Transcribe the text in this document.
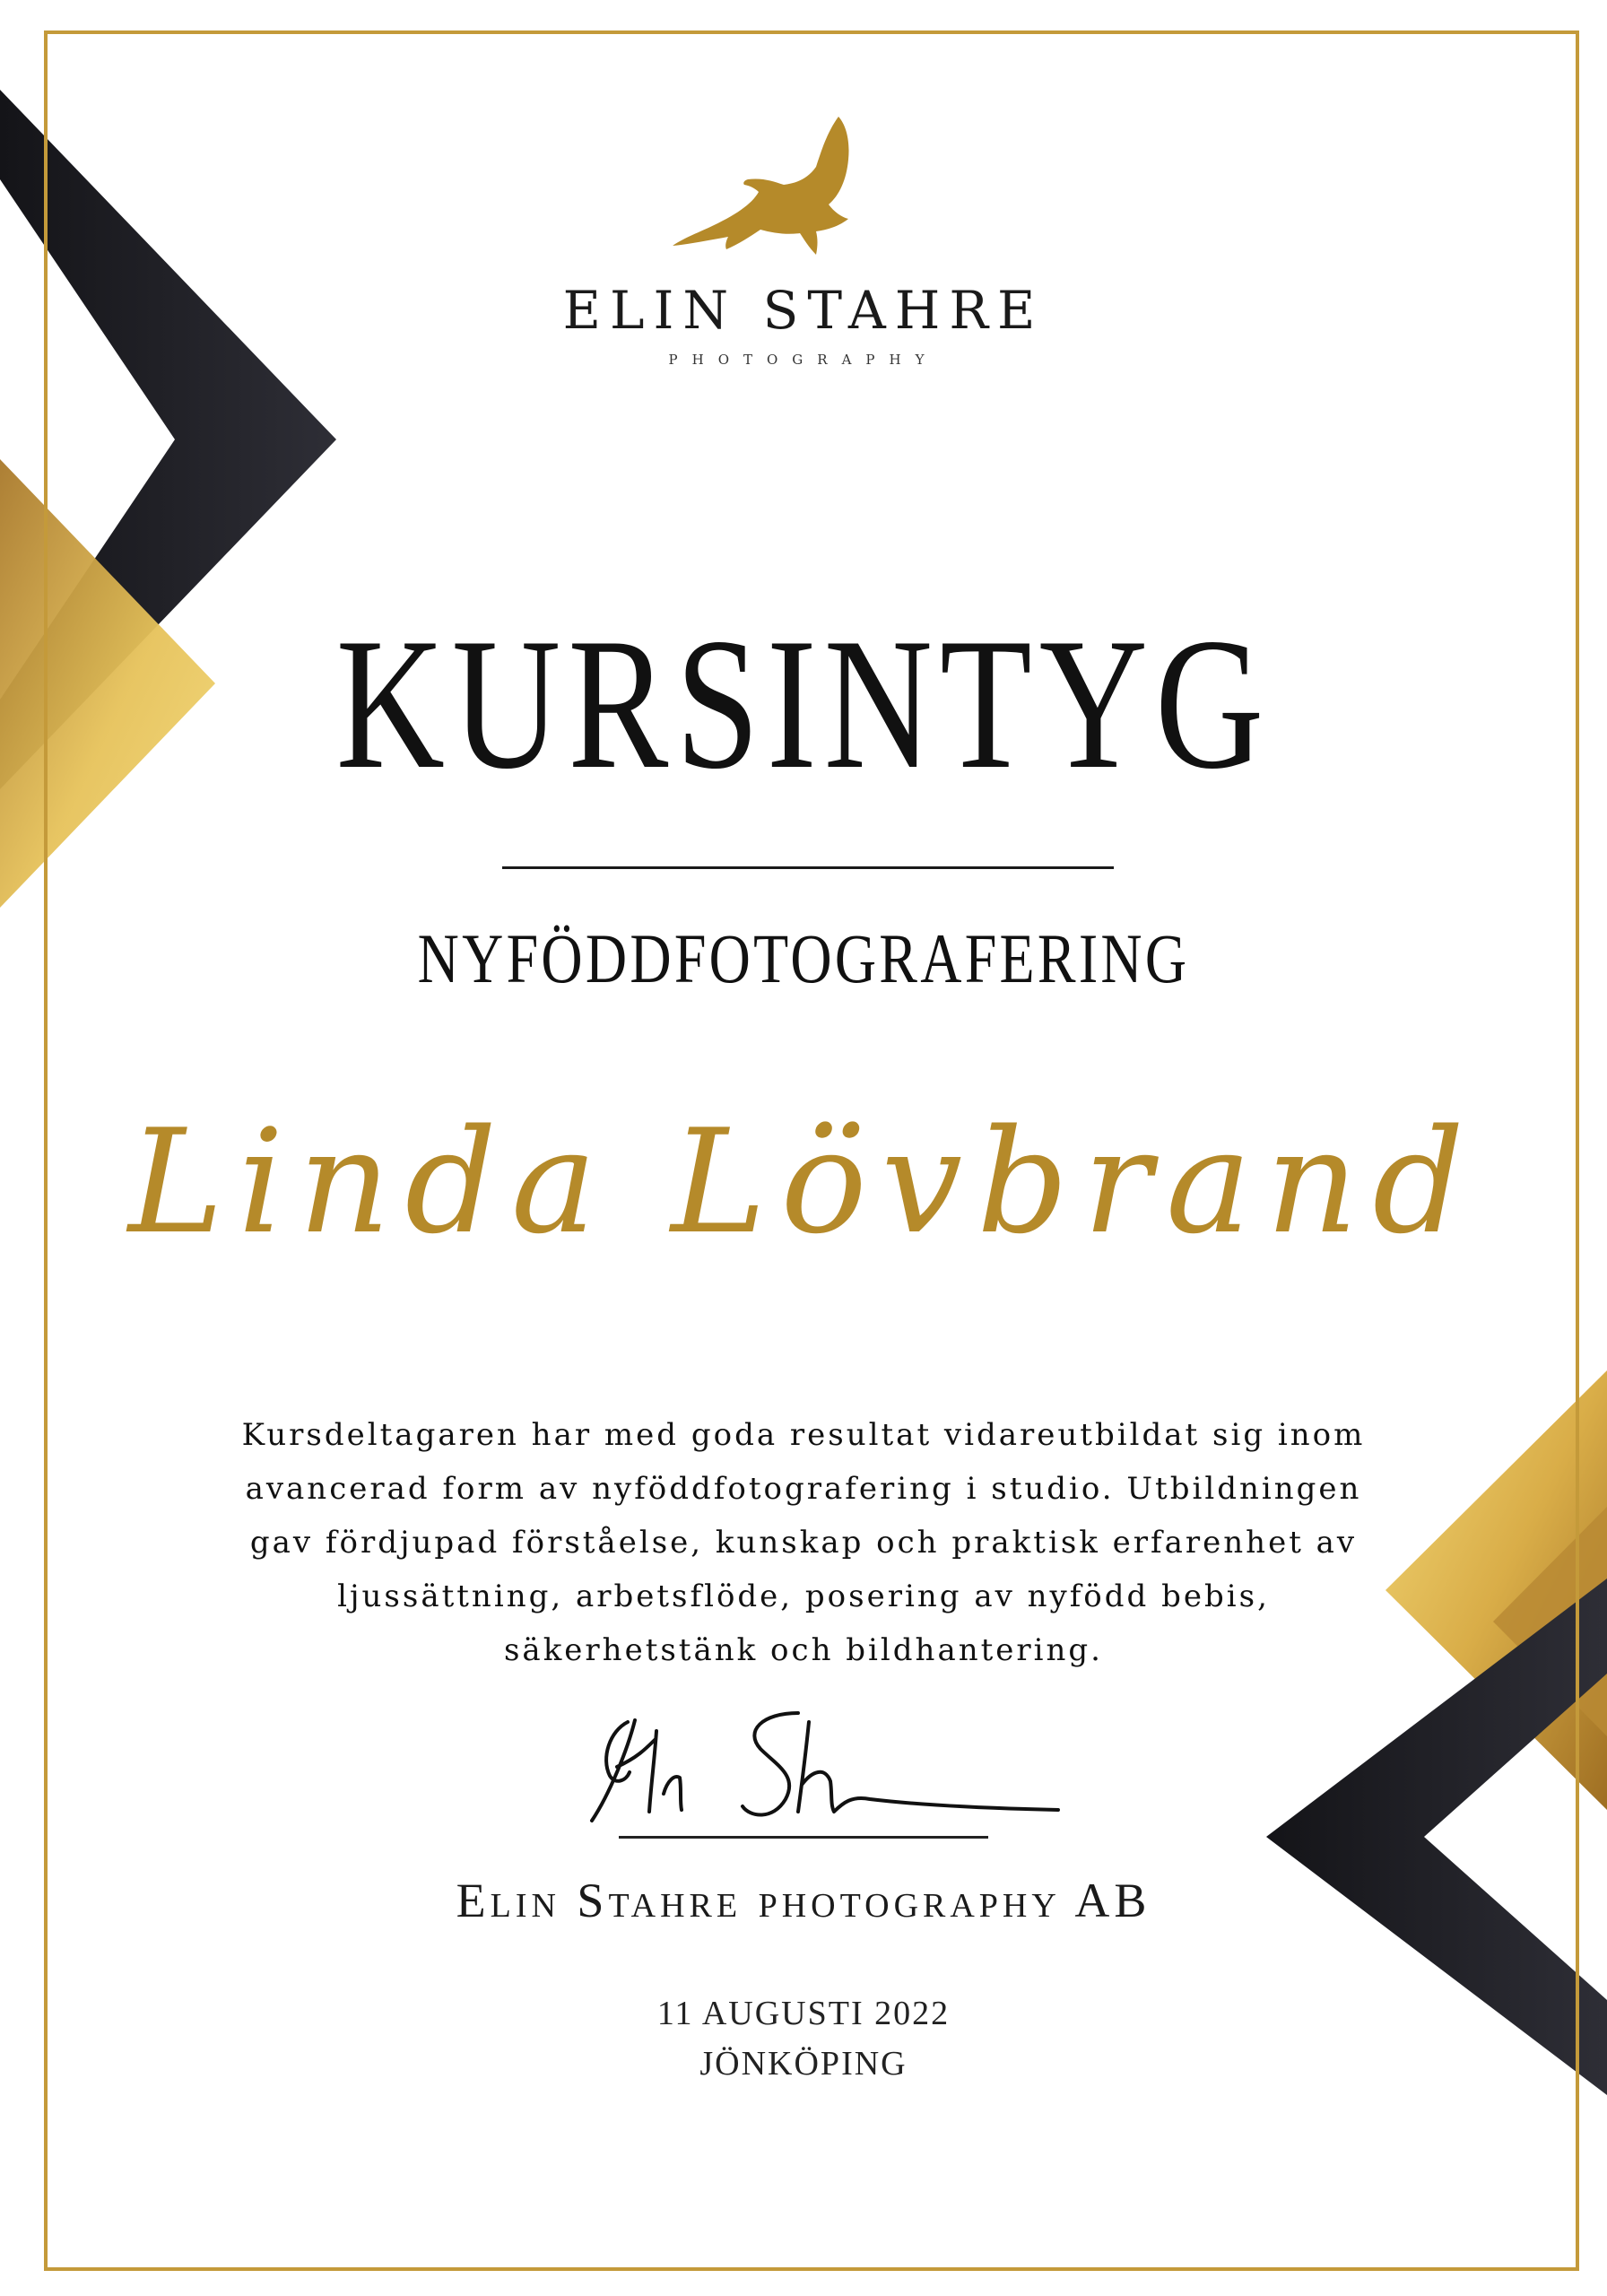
ELIN STAHRE
PHOTOGRAPHY
KURSINTYG
NYFÖDDFOTOGRAFERING
Linda Lövbrand
Kursdeltagaren har med goda resultat vidareutbildat sig inom avancerad form av nyföddfotografering i studio. Utbildningen gav fördjupad förståelse, kunskap och praktisk erfarenhet av ljussättning, arbetsflöde, posering av nyfödd bebis, säkerhetstänk och bildhantering.
Elin Stahre photography AB
11 AUGUSTI 2022
JÖNKÖPING
